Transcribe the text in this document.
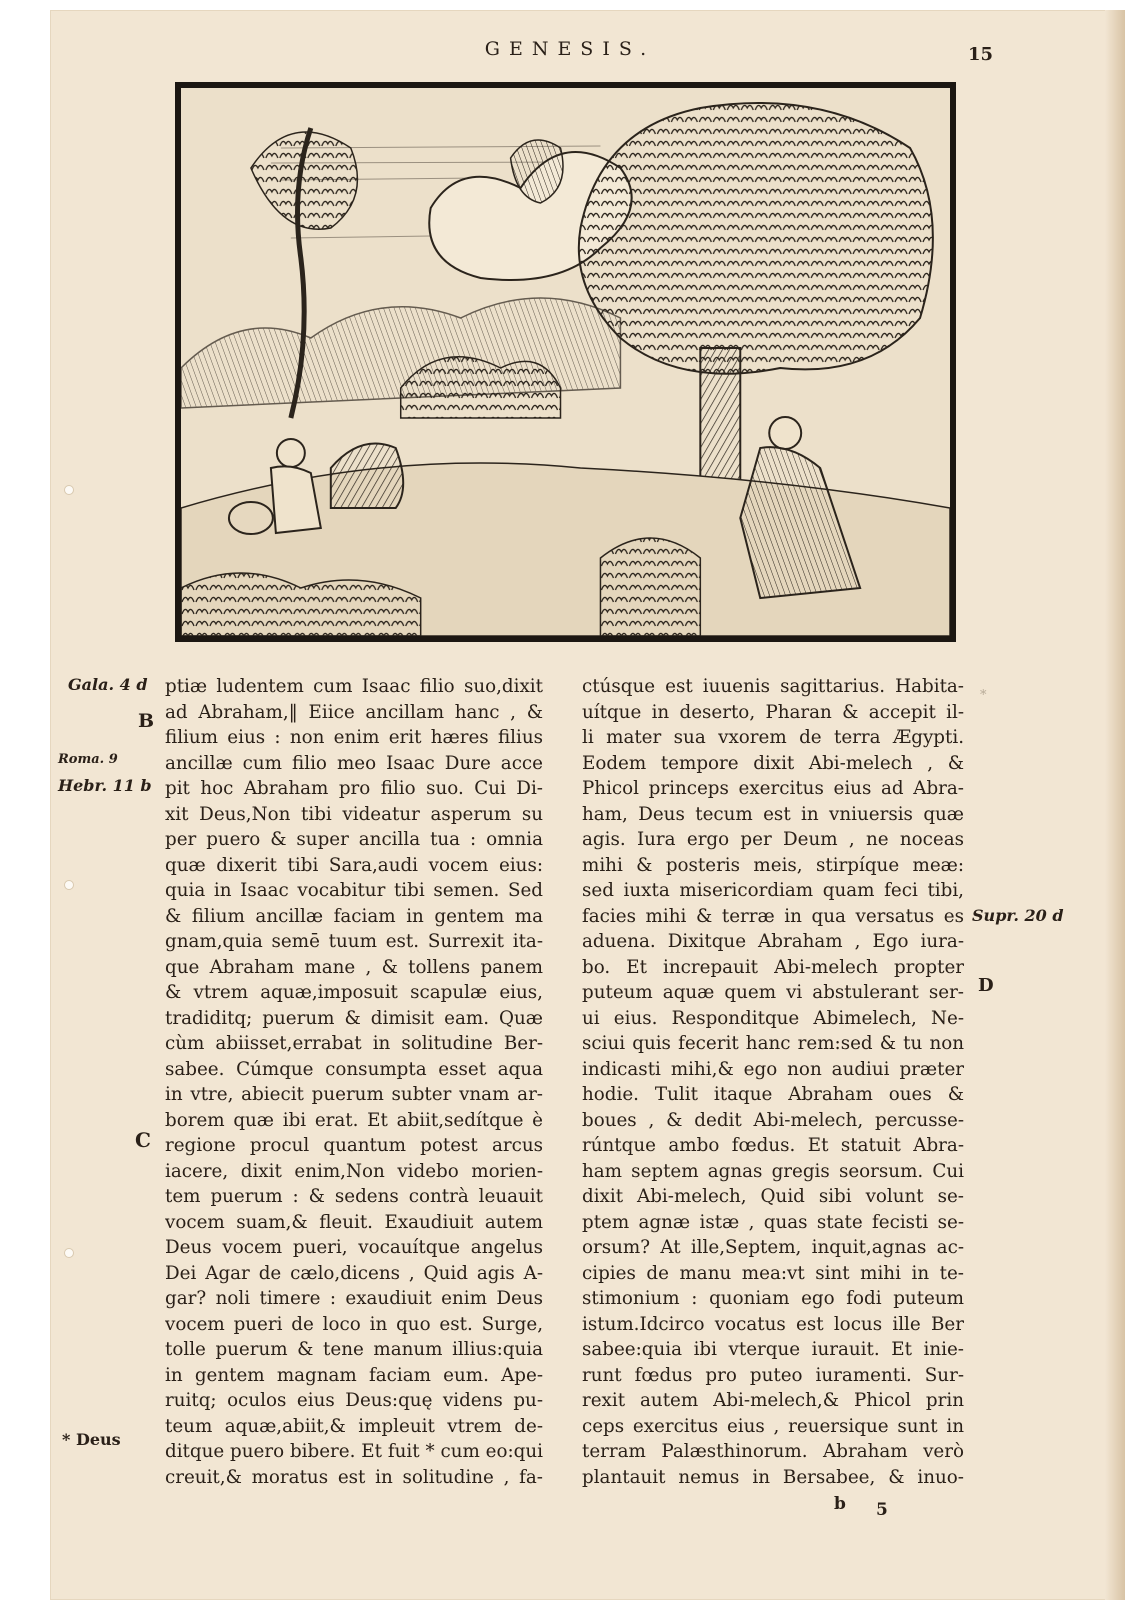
GENESIS.	15
Gala. 4 d
B
Roma. 9
Hebr. 11 b
C
* Deus
Supr. 20 d
D
*
ptiæ ludentem cum Isaac filio suo,dixit
ad Abraham,‖ Eiice ancillam hanc , &
filium eius : non enim erit hæres filius
ancillæ cum filio meo Isaac Dure acce
pit hoc Abraham pro filio suo. Cui Di-
xit Deus,Non tibi videatur asperum su
per puero & super ancilla tua : omnia
quæ dixerit tibi Sara,audi vocem eius:
quia in Isaac vocabitur tibi semen. Sed
& filium ancillæ faciam in gentem ma
gnam,quia semē tuum est. Surrexit ita-
que Abraham mane , & tollens panem
& vtrem aquæ,imposuit scapulæ eius,
tradiditq; puerum & dimisit eam. Quæ
cùm abiisset,errabat in solitudine Ber-
sabee. Cúmque consumpta esset aqua
in vtre, abiecit puerum subter vnam ar-
borem quæ ibi erat. Et abiit,sedítque è
regione procul quantum potest arcus
iacere, dixit enim,Non videbo morien-
tem puerum : & sedens contrà leuauit
vocem suam,& fleuit. Exaudiuit autem
Deus vocem pueri, vocauítque angelus
Dei Agar de cælo,dicens , Quid agis A-
gar? noli timere : exaudiuit enim Deus
vocem pueri de loco in quo est. Surge,
tolle puerum & tene manum illius:quia
in gentem magnam faciam eum. Ape-
ruitq; oculos eius Deus:quę videns pu-
teum aquæ,abiit,& impleuit vtrem de-
ditque puero bibere. Et fuit * cum eo:qui
creuit,& moratus est in solitudine , fa-
ctúsque est iuuenis sagittarius. Habita-
uítque in deserto, Pharan & accepit il-
li mater sua vxorem de terra Ægypti.
Eodem tempore dixit Abi-melech , &
Phicol princeps exercitus eius ad Abra-
ham, Deus tecum est in vniuersis quæ
agis. Iura ergo per Deum , ne noceas
mihi & posteris meis, stirpíque meæ:
sed iuxta misericordiam quam feci tibi,
facies mihi & terræ in qua versatus es
aduena. Dixitque Abraham , Ego iura-
bo. Et increpauit Abi-melech propter
puteum aquæ quem vi abstulerant ser-
ui eius. Responditque Abimelech, Ne-
sciui quis fecerit hanc rem:sed & tu non
indicasti mihi,& ego non audiui præter
hodie. Tulit itaque Abraham oues &
boues , & dedit Abi-melech, percusse-
rúntque ambo fœdus. Et statuit Abra-
ham septem agnas gregis seorsum. Cui
dixit Abi-melech, Quid sibi volunt se-
ptem agnæ istæ , quas state fecisti se-
orsum? At ille,Septem, inquit,agnas ac-
cipies de manu mea:vt sint mihi in te-
stimonium : quoniam ego fodi puteum
istum.Idcirco vocatus est locus ille Ber
sabee:quia ibi vterque iurauit. Et inie-
runt fœdus pro puteo iuramenti. Sur-
rexit autem Abi-melech,& Phicol prin
ceps exercitus eius , reuersique sunt in
terram Palæsthinorum. Abraham verò
plantauit nemus in Bersabee, & inuo-
b 5
